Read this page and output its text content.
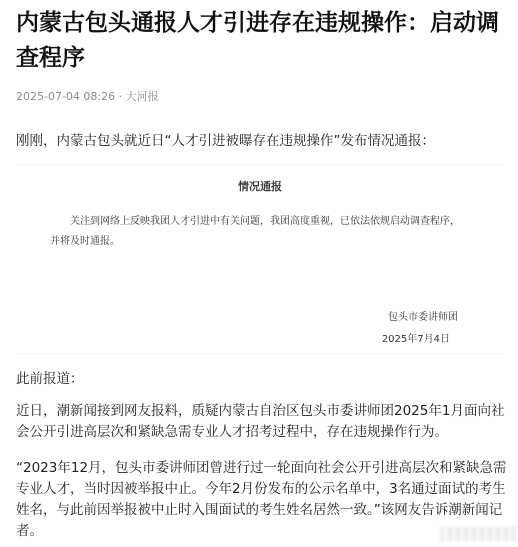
内蒙古包头通报人才引进存在违规操作：启动调查程序
2025-07-04 08:26 · 大河报

刚刚，内蒙古包头就近日“人才引进被曝存在违规操作”发布情况通报：

情况通报

关注到网络上反映我团人才引进中有关问题，我团高度重视，已依法依规启动调查程序，并将及时通报。

包头市委讲师团
2025年7月4日

此前报道：

近日，潮新闻接到网友报料，质疑内蒙古自治区包头市委讲师团2025年1月面向社会公开引进高层次和紧缺急需专业人才招考过程中，存在违规操作行为。

“2023年12月，包头市委讲师团曾进行过一轮面向社会公开引进高层次和紧缺急需专业人才，当时因被举报中止。今年2月份发布的公示名单中，3名通过面试的考生姓名，与此前因举报被中止时入围面试的考生姓名居然一致。”该网友告诉潮新闻记者。
